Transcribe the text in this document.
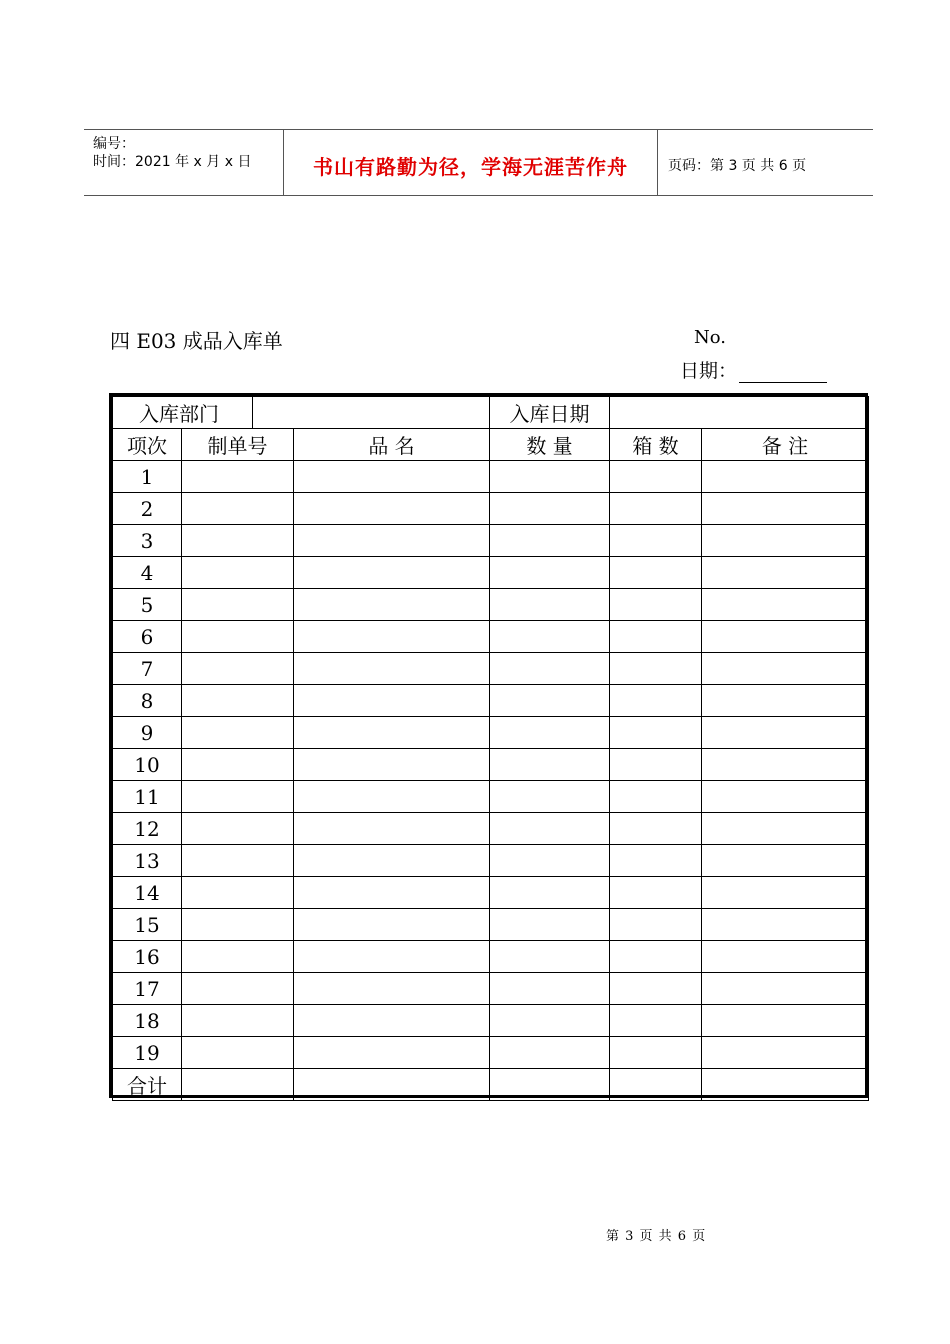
编号：
时间：2021 年 x 月 x 日	书山有路勤为径，学海无涯苦作舟	页码：第 3 页 共 6 页
四 E03 成品入库单	No.
日期：
入库部门				入库日期		
项次	制单号		品 名	数 量	箱 数	备 注
1						
2						
3						
4						
5						
6						
7						
8						
9						
10						
11						
12						
13						
14						
15						
16						
17						
18						
19						
合计						
第 3 页 共 6 页
